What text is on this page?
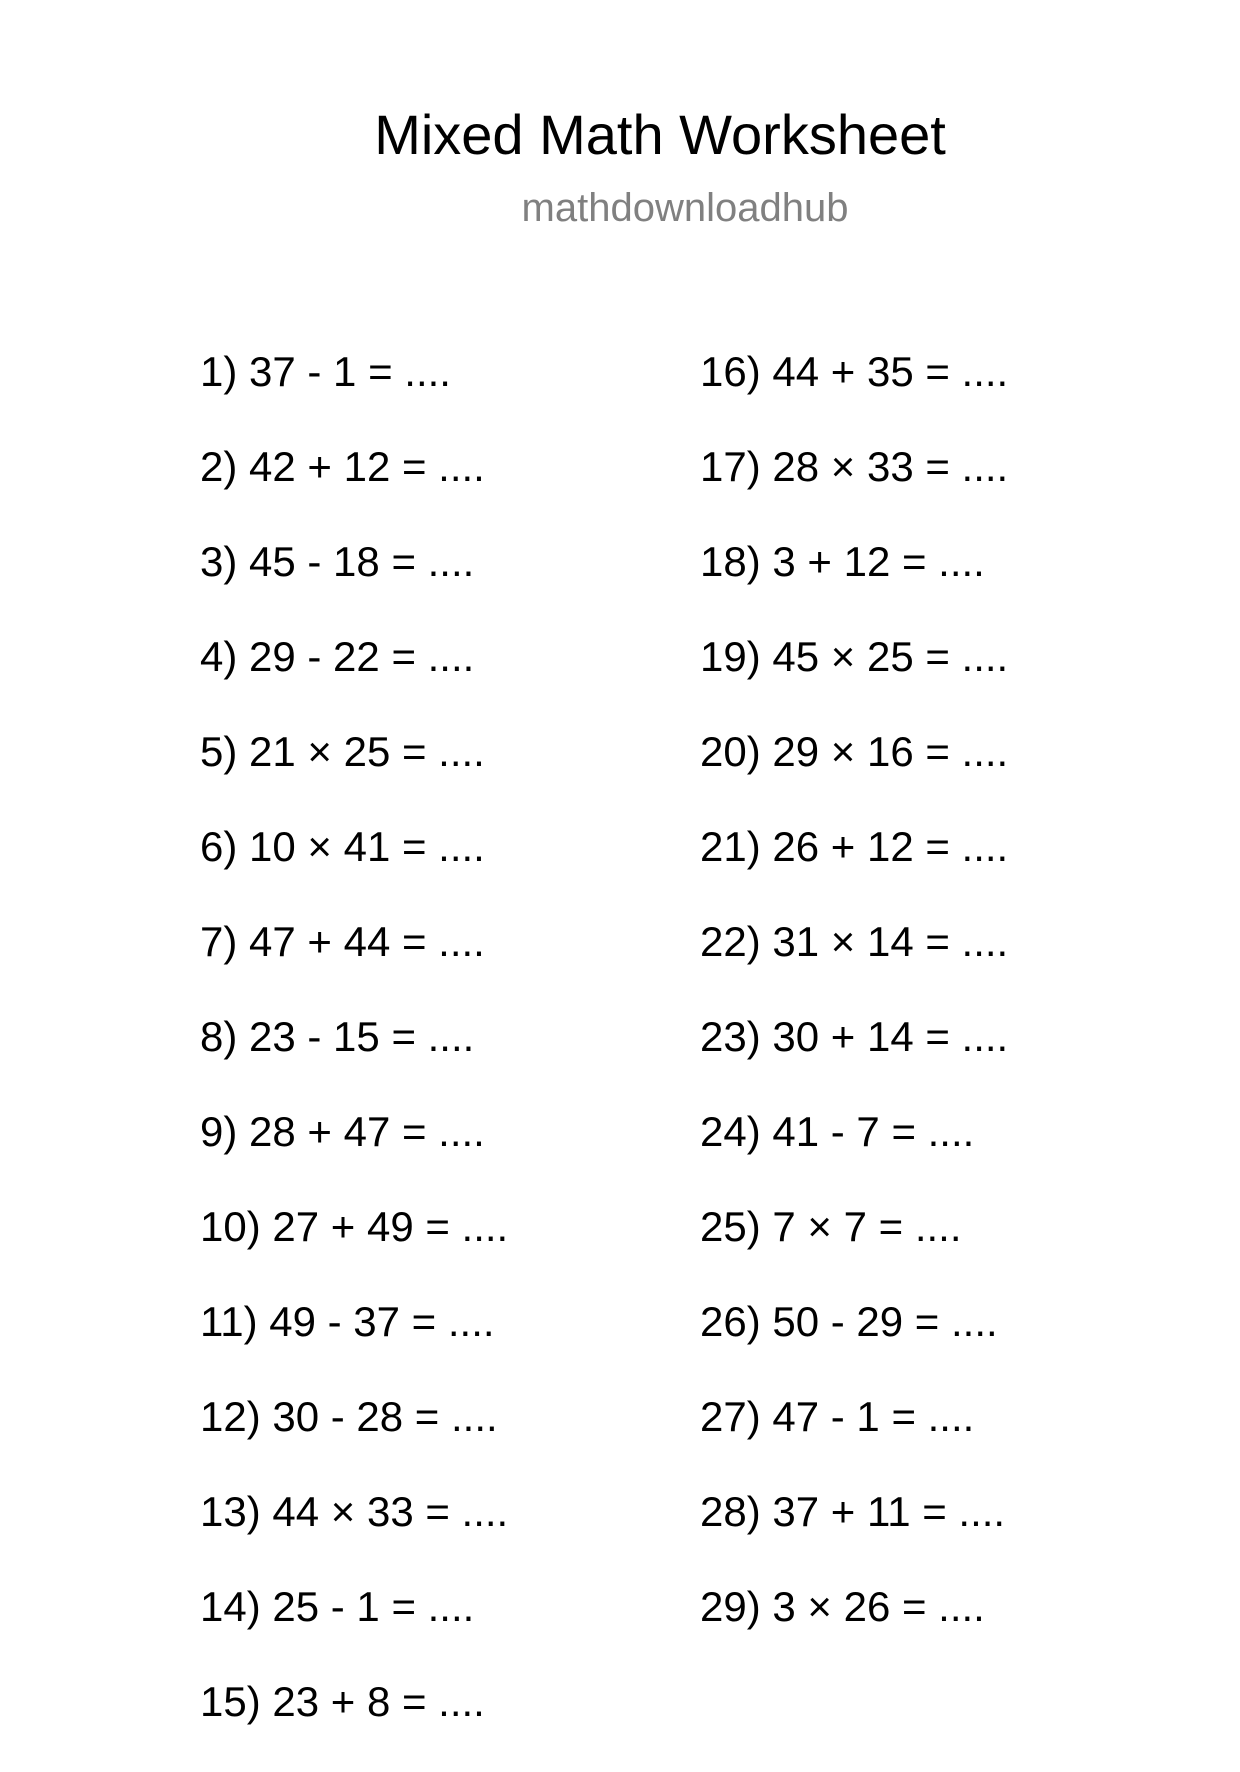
Mixed Math Worksheet
mathdownloadhub
1) 37 - 1 = ....
2) 42 + 12 = ....
3) 45 - 18 = ....
4) 29 - 22 = ....
5) 21 × 25 = ....
6) 10 × 41 = ....
7) 47 + 44 = ....
8) 23 - 15 = ....
9) 28 + 47 = ....
10) 27 + 49 = ....
11) 49 - 37 = ....
12) 30 - 28 = ....
13) 44 × 33 = ....
14) 25 - 1 = ....
15) 23 + 8 = ....
16) 44 + 35 = ....
17) 28 × 33 = ....
18) 3 + 12 = ....
19) 45 × 25 = ....
20) 29 × 16 = ....
21) 26 + 12 = ....
22) 31 × 14 = ....
23) 30 + 14 = ....
24) 41 - 7 = ....
25) 7 × 7 = ....
26) 50 - 29 = ....
27) 47 - 1 = ....
28) 37 + 11 = ....
29) 3 × 26 = ....
